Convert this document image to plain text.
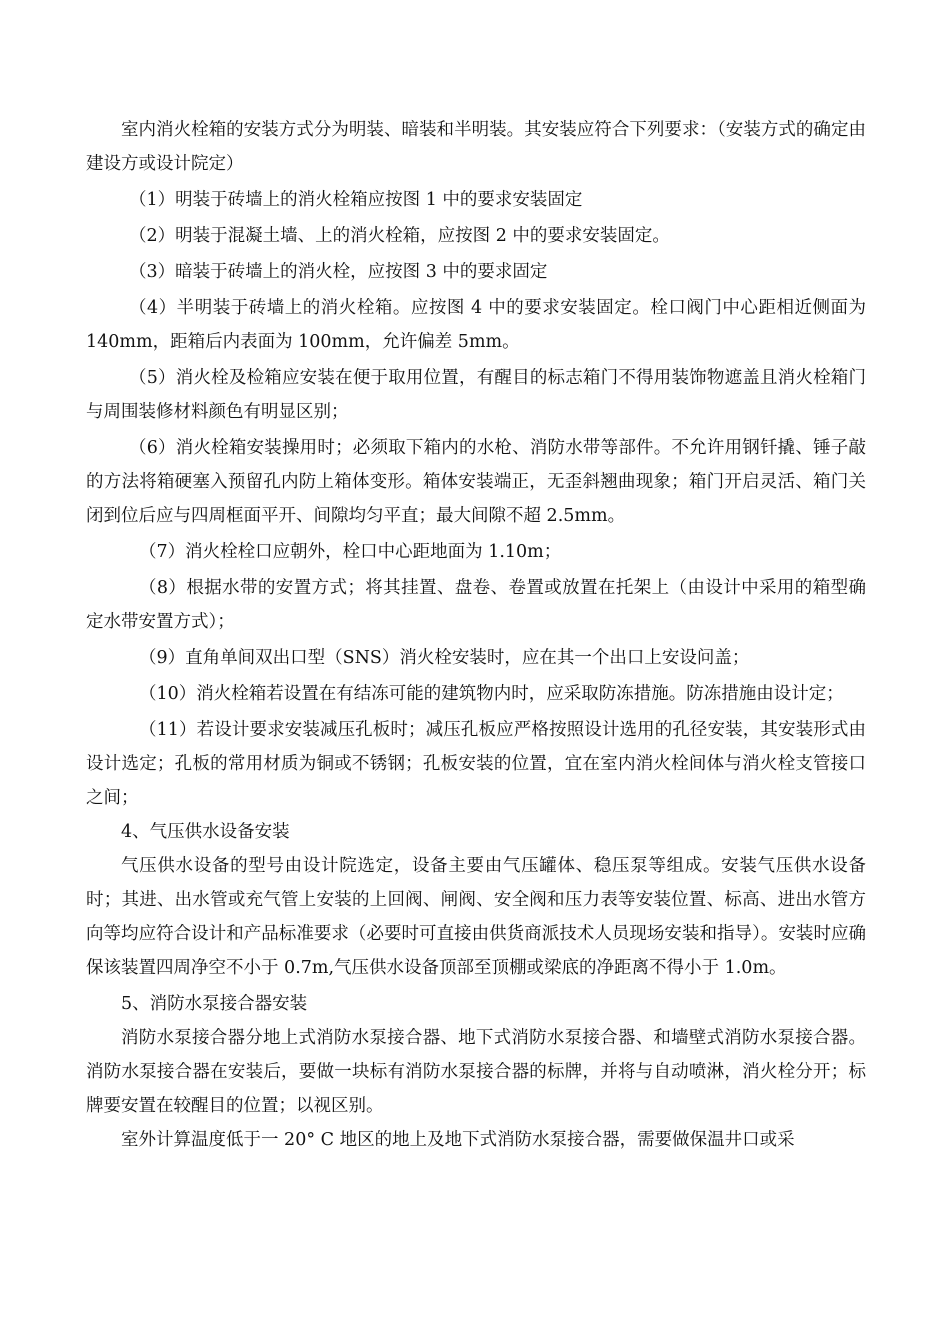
室内消火栓箱的安装方式分为明装、暗装和半明装。其安装应符合下列要求：（安装方式的确定由建设方或设计院定）

（1）明装于砖墙上的消火栓箱应按图 1 中的要求安装固定

（2）明装于混凝土墙、上的消火栓箱，应按图 2 中的要求安装固定。

（3）暗装于砖墙上的消火栓，应按图 3 中的要求固定

（4）半明装于砖墙上的消火栓箱。应按图 4 中的要求安装固定。栓口阀门中心距相近侧面为 140mm，距箱后内表面为 100mm，允许偏差 5mm。

（5）消火栓及检箱应安装在便于取用位置，有醒目的标志箱门不得用装饰物遮盖且消火栓箱门与周围装修材料颜色有明显区别；

（6）消火栓箱安装操用时；必须取下箱内的水枪、消防水带等部件。不允许用钢钎撬、锤子敲的方法将箱硬塞入预留孔内防上箱体变形。箱体安装端正，无歪斜翘曲现象；箱门开启灵活、箱门关闭到位后应与四周框面平开、间隙均匀平直；最大间隙不超 2.5mm。

（7）消火栓栓口应朝外，栓口中心距地面为 1.10m；

（8）根据水带的安置方式；将其挂置、盘卷、卷置或放置在托架上（由设计中采用的箱型确定水带安置方式）；

（9）直角单间双出口型（SNS）消火栓安装时，应在其一个出口上安设问盖；

（10）消火栓箱若设置在有结冻可能的建筑物内时，应采取防冻措施。防冻措施由设计定；

（11）若设计要求安装减压孔板时；减压孔板应严格按照设计选用的孔径安装，其安装形式由设计选定；孔板的常用材质为铜或不锈钢；孔板安装的位置，宜在室内消火栓间体与消火栓支管接口之间；

4、气压供水设备安装

气压供水设备的型号由设计院选定，设备主要由气压罐体、稳压泵等组成。安装气压供水设备时；其进、出水管或充气管上安装的上回阀、闸阀、安全阀和压力表等安装位置、标高、进出水管方向等均应符合设计和产品标准要求（必要时可直接由供货商派技术人员现场安装和指导）。安装时应确保该装置四周净空不小于 0.7m,气压供水设备顶部至顶棚或梁底的净距离不得小于 1.0m。

5、消防水泵接合器安装

消防水泵接合器分地上式消防水泵接合器、地下式消防水泵接合器、和墙壁式消防水泵接合器。消防水泵接合器在安装后，要做一块标有消防水泵接合器的标牌，并将与自动喷淋，消火栓分开；标牌要安置在较醒目的位置；以视区别。

室外计算温度低于一 20° C 地区的地上及地下式消防水泵接合器，需要做保温井口或采
